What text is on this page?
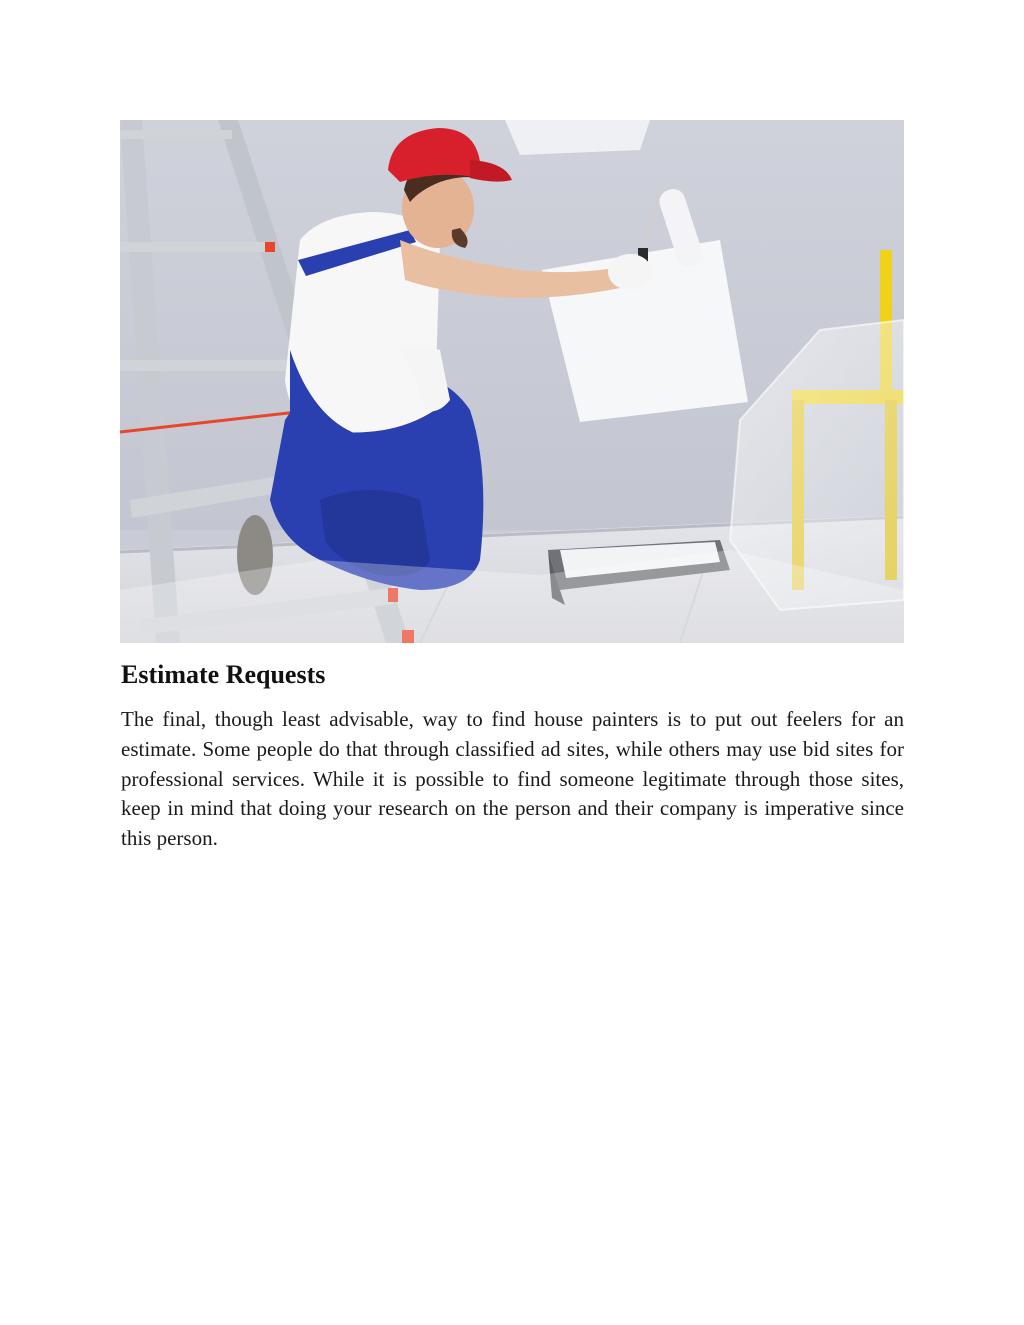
Estimate Requests

The final, though least advisable, way to find house painters is to put out feelers for an estimate. Some people do that through classified ad sites, while others may use bid sites for professional services. While it is possible to find someone legitimate through those sites, keep in mind that doing your research on the person and their company is imperative since this person.
